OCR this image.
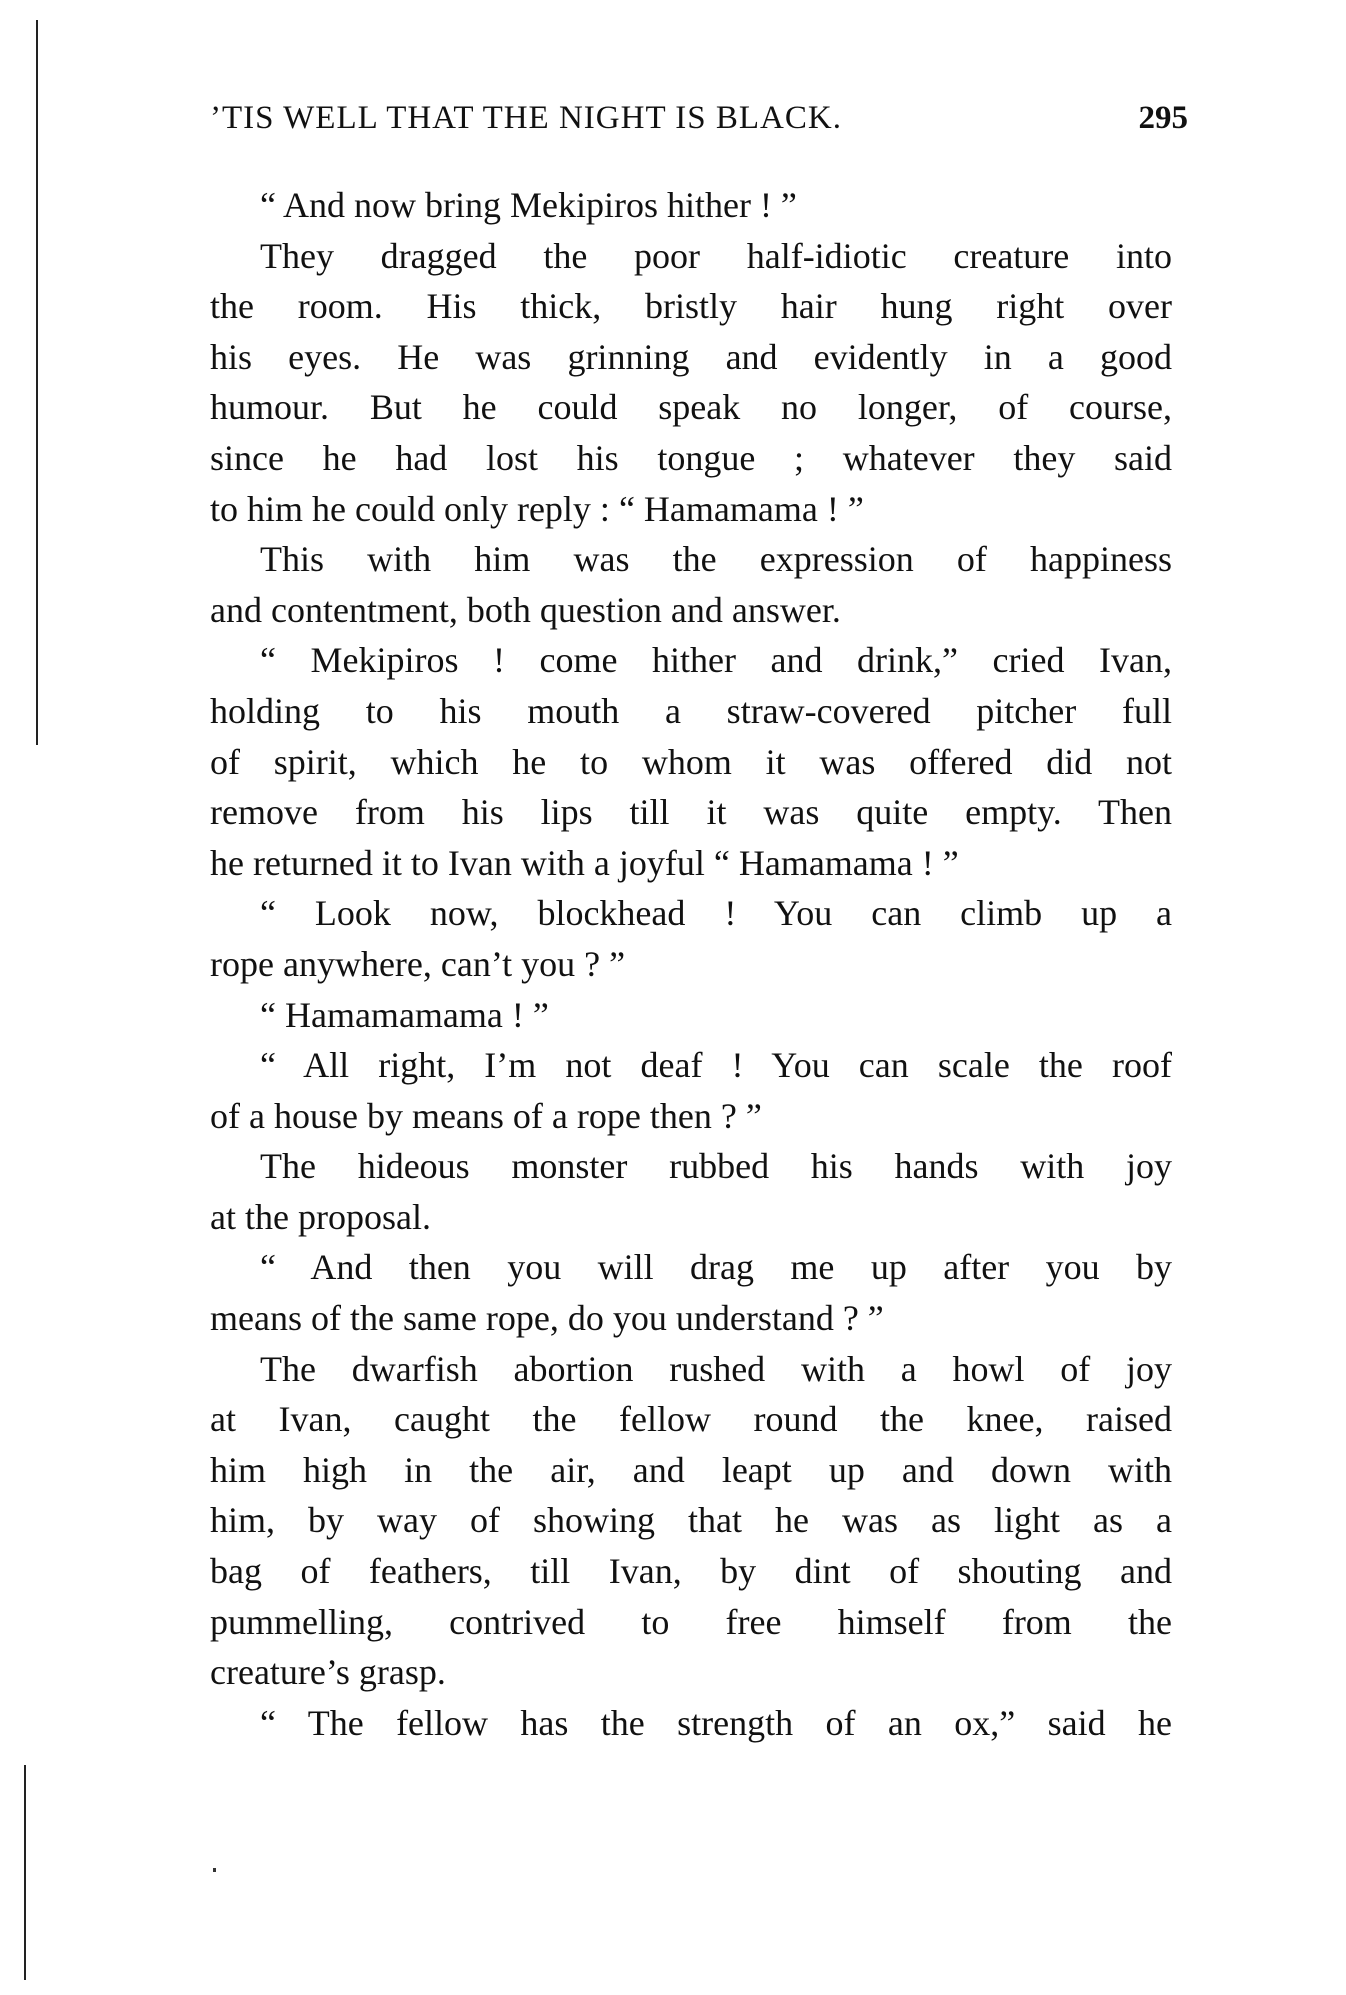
’TIS WELL THAT THE NIGHT IS BLACK.	295
“ And now bring Mekipiros hither ! ”
They dragged the poor half-idiotic creature into
the room. His thick, bristly hair hung right over
his eyes. He was grinning and evidently in a good
humour. But he could speak no longer, of course,
since he had lost his tongue ; whatever they said
to him he could only reply : “ Hamamama ! ”
This with him was the expression of happiness
and contentment, both question and answer.
“ Mekipiros ! come hither and drink,” cried Ivan,
holding to his mouth a straw-covered pitcher full
of spirit, which he to whom it was offered did not
remove from his lips till it was quite empty. Then
he returned it to Ivan with a joyful “ Hamamama ! ”
“ Look now, blockhead ! You can climb up a
rope anywhere, can’t you ? ”
“ Hamamamama ! ”
“ All right, I’m not deaf ! You can scale the roof
of a house by means of a rope then ? ”
The hideous monster rubbed his hands with joy
at the proposal.
“ And then you will drag me up after you by
means of the same rope, do you understand ? ”
The dwarfish abortion rushed with a howl of joy
at Ivan, caught the fellow round the knee, raised
him high in the air, and leapt up and down with
him, by way of showing that he was as light as a
bag of feathers, till Ivan, by dint of shouting and
pummelling, contrived to free himself from the
creature’s grasp.
“ The fellow has the strength of an ox,” said he
